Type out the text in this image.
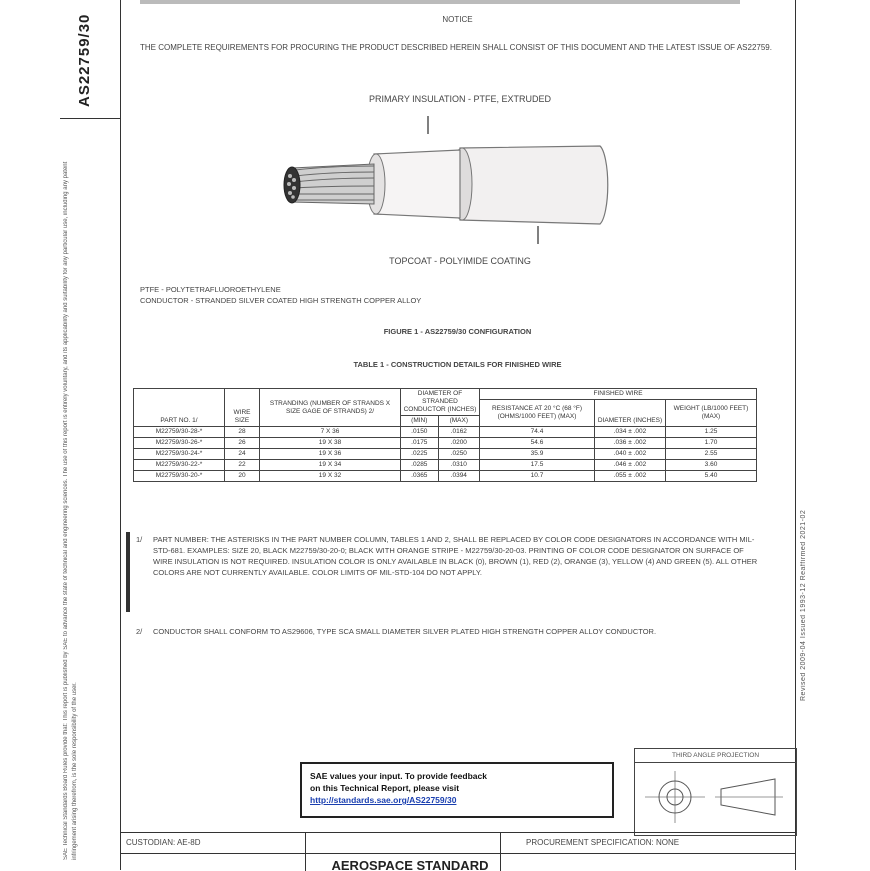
AS22759/30
SAE Technical Standards Board Rules provide that: This report is published by SAE to advance the state of technical and engineering sciences. The use of this report is entirely voluntary, and its applicability and suitability for any particular use, including any patent infringement arising therefrom, is the sole responsibility of the user.
Revised 2009-04 Issued 1993-12 Reaffirmed 2021-02
NOTICE
THE COMPLETE REQUIREMENTS FOR PROCURING THE PRODUCT DESCRIBED HEREIN SHALL CONSIST OF THIS DOCUMENT AND THE LATEST ISSUE OF AS22759.
PRIMARY INSULATION - PTFE, EXTRUDED
TOPCOAT - POLYIMIDE COATING
PTFE - POLYTETRAFLUOROETHYLENE
CONDUCTOR - STRANDED SILVER COATED HIGH STRENGTH COPPER ALLOY
FIGURE 1 - AS22759/30 CONFIGURATION
TABLE 1 - CONSTRUCTION DETAILS FOR FINISHED WIRE
PART NO. 1/	WIRE SIZE	STRANDING (NUMBER OF STRANDS X SIZE GAGE OF STRANDS) 2/	DIAMETER OF STRANDED CONDUCTOR (INCHES)		FINISHED WIRE		
					RESISTANCE AT 20 °C (68 °F) (OHMS/1000 FEET) (MAX)	DIAMETER (INCHES)	WEIGHT (LB/1000 FEET) (MAX)
			(MIN)	(MAX)			
M22759/30-28-*	28	7 X 36	.0150	.0162	74.4	.034 ± .002	1.25
M22759/30-26-*	26	19 X 38	.0175	.0200	54.6	.036 ± .002	1.70
M22759/30-24-*	24	19 X 36	.0225	.0250	35.9	.040 ± .002	2.55
M22759/30-22-*	22	19 X 34	.0285	.0310	17.5	.046 ± .002	3.60
M22759/30-20-*	20	19 X 32	.0365	.0394	10.7	.055 ± .002	5.40
1/	PART NUMBER: THE ASTERISKS IN THE PART NUMBER COLUMN, TABLES 1 AND 2, SHALL BE REPLACED BY COLOR CODE DESIGNATORS IN ACCORDANCE WITH MIL-STD-681. EXAMPLES: SIZE 20, BLACK M22759/30-20-0; BLACK WITH ORANGE STRIPE - M22759/30-20-03. PRINTING OF COLOR CODE DESIGNATOR ON SURFACE OF WIRE INSULATION IS NOT REQUIRED. INSULATION COLOR IS ONLY AVAILABLE IN BLACK (0), BROWN (1), RED (2), ORANGE (3), YELLOW (4) AND GREEN (5). ALL OTHER COLORS ARE NOT CURRENTLY AVAILABLE. COLOR LIMITS OF MIL-STD-104 DO NOT APPLY.
2/	CONDUCTOR SHALL CONFORM TO AS29606, TYPE SCA SMALL DIAMETER SILVER PLATED HIGH STRENGTH COPPER ALLOY CONDUCTOR.
SAE values your input. To provide feedback
on this Technical Report, please visit
http://standards.sae.org/AS22759/30
THIRD ANGLE PROJECTION
CUSTODIAN: AE-8D	PROCUREMENT SPECIFICATION: NONE
AEROSPACE STANDARD
